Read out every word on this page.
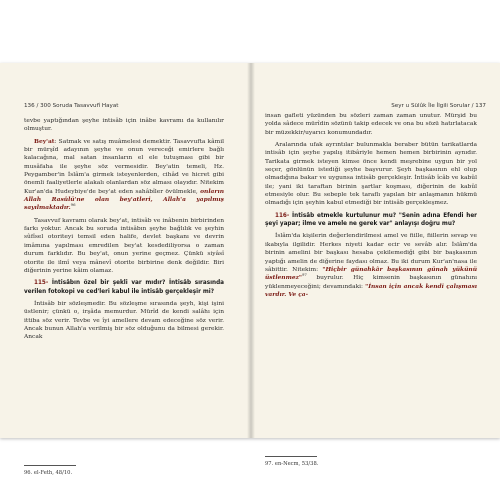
136 / 300 Soruda Tasavvufî Hayat

tevbe yaptığından şeyhe intisâb için inâbe kavramı da kullanılır olmuştur.

Bey'at: Satmak ve satış muâmelesi demektir. Tasavvufta kâmil bir mürşîd adayının şeyhe ve onun vereceği emirlere bağlı kalacağına, mal satan insanların el ele tutuşması gibi bir musâfaha ile şeyhe söz vermesidir. Bey'atin temeli, Hz. Peygamber'in İslâm'a girmek isteyenlerden, cihâd ve hicret gibi önemli faaliyetlerle alakalı olanlardan söz alması olayıdır. Nitekim Kur'an'da Hudeybiye'de bey'at eden sahâbîler övülmekle, onların Allah Rasûlü'ne olan bey'atleri, Allah'a yapılmış sayılmaktadır.$^{96}$

Tasavvuf kavramı olarak bey'at, intisâb ve inâbenin birbirinden farkı yoktur. Ancak bu soruda intisâbın şeyhe bağlılık ve şeyhin sûfîsel otoriteyi temsil eden halife, devlet başkanı ve devrin imâmına yapılması emredilen bey'at kesdediliyorsa o zaman durum farklıdır. Bu bey'at, onun yerine geçmez. Çünkü siyâsî otorite ile ilmî veya mânevî otorite birbirine denk değildir. Biri diğerinin yerine kâim olamaz.

115- İntisâbın özel bir şekli var mıdır? İntisâb sırasında verilen fotokopi ve ced'leri kabul ile intisâb gerçekleşir mi?

İntisâb bir sözleşmedir. Bu sözleşme sırasında şeyh, kişi işini üstlenir; çünkü o, irşâda memurdur. Mürîd de kendi salâhı için ittiba söz verir. Tevbe ve îyi amellere devam edeceğine söz verir. Ancak bunun Allah'a verilmiş bir söz olduğunu da bilmesi gerekir. Ancak

96. el-Feth, 48/10.
Seyr u Sülûk İle İlgili Sorular / 137

insan gafleti yüzünden bu sözleri zaman zaman unutur. Mürşid bu yolda sâdece mürîdin sözünü takip edecek ve ona bu sözü hatırlatacak bir müzekkir/uyarıcı konumundadır.

Aralarında ufak ayrıntılar bulunmakla beraber bütün tarikatlarda intisâb için şeyhe yapılış itibâriyle hemen hemen birbirinin aynıdır. Tarikata girmek isteyen kimse önce kendi meşrebine uygun bir yol seçer, gönlünün istediği şeyhe başvurur. Şeyh başkasının ehl olup olmadığına bakar ve uygunsa intisâb gerçekleşir. İntisâb îcâb ve kabûl ile; yani iki taraftan birinin şartlar koşması, diğerinin de kabûl etmesiyle olur. Bu sebeple tek taraflı yapılan bir anlaşmanın hükmü olmadığı için şeyhin kabul etmediği bir intisâb gerçekleşmez.

116- İntisâb etmekle kurtulunur mu? "Senin adına Efendi her şeyi yapar; ilme ve amele ne gerek var" anlayışı doğru mu?

İslâm'da kişilerin değerlendirilmesi amel ve fiille, fiillerin sevap ve ikabıyla ilgilidir. Herkes niyeti kadar ecir ve sevâb alır. İslâm'da birinin amelini bir başkası hesaba çekilemediği gibi bir başkasının yaptığı amelin de diğerine faydası olmaz. Bu iki durum Kur'an'nasa ile sâbittir. Nitekim: "Hiçbir günahkâr başkasının günah yükünü üstlenmez"$^{97}$ buyrulur. Hiç kimsenin başkasının günahını yüklenmeyeceğini; devamındaki: "İnsan için ancak kendi çalışması vardır. Ve ça-

97. en-Necm, 53/38.
